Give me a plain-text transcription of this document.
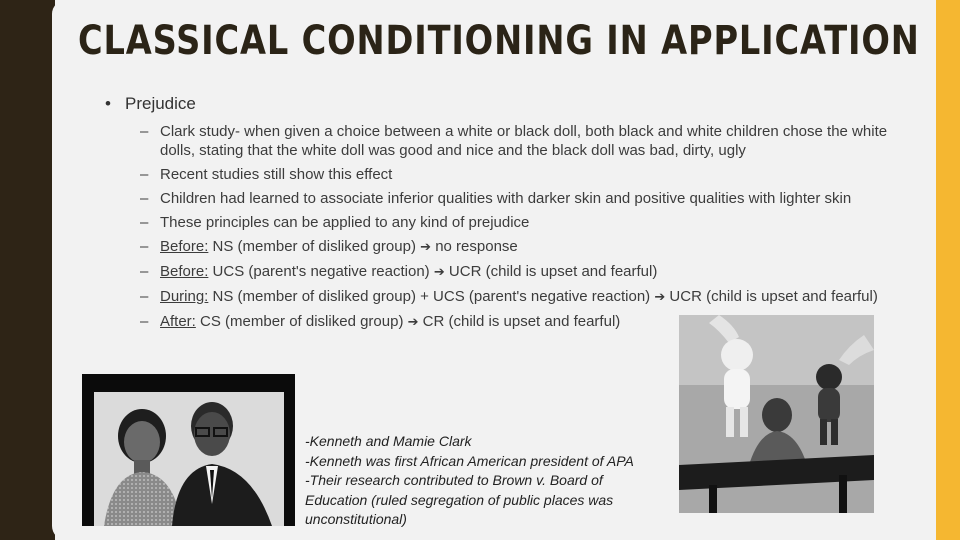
CLASSICAL CONDITIONING IN APPLICATION
• Prejudice
– Clark study- when given a choice between a white or black doll, both black and white children chose the white dolls, stating that the white doll was good and nice and the black doll was bad, dirty, ugly
– Recent studies still show this effect
– Children had learned to associate inferior qualities with darker skin and positive qualities with lighter skin
– These principles can be applied to any kind of prejudice
– Before: NS (member of disliked group) ➔ no response
– Before: UCS (parent's negative reaction) ➔ UCR (child is upset and fearful)
– During: NS (member of disliked group) + UCS (parent's negative reaction) ➔ UCR (child is upset and fearful)
– After: CS (member of disliked group) ➔ CR (child is upset and fearful)
-Kenneth and Mamie Clark
-Kenneth was first African American president of APA
-Their research contributed to Brown v. Board of Education (ruled segregation of public places was unconstitutional)
